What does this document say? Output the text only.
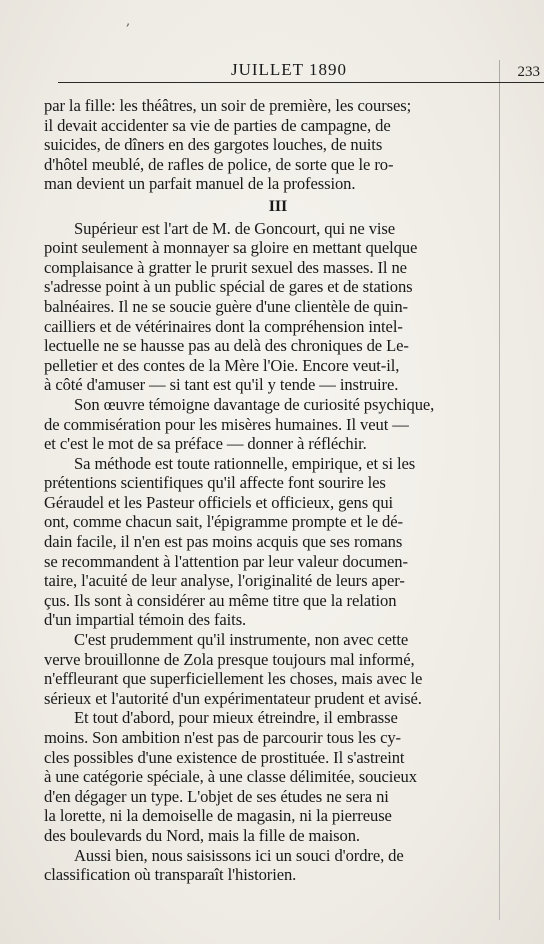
,
JUILLET 1890	233
par la fille: les théâtres, un soir de première, les courses;
il devait accidenter sa vie de parties de campagne, de
suicides, de dîners en des gargotes louches, de nuits
d'hôtel meublé, de rafles de police, de sorte que le ro-
man devient un parfait manuel de la profession.
III
Supérieur est l'art de M. de Goncourt, qui ne vise
point seulement à monnayer sa gloire en mettant quelque
complaisance à gratter le prurit sexuel des masses. Il ne
s'adresse point à un public spécial de gares et de stations
balnéaires. Il ne se soucie guère d'une clientèle de quin-
cailliers et de vétérinaires dont la compréhension intel-
lectuelle ne se hausse pas au delà des chroniques de Le-
pelletier et des contes de la Mère l'Oie. Encore veut-il,
à côté d'amuser — si tant est qu'il y tende — instruire.
Son œuvre témoigne davantage de curiosité psychique,
de commisération pour les misères humaines. Il veut —
et c'est le mot de sa préface — donner à réfléchir.
Sa méthode est toute rationnelle, empirique, et si les
prétentions scientifiques qu'il affecte font sourire les
Géraudel et les Pasteur officiels et officieux, gens qui
ont, comme chacun sait, l'épigramme prompte et le dé-
dain facile, il n'en est pas moins acquis que ses romans
se recommandent à l'attention par leur valeur documen-
taire, l'acuité de leur analyse, l'originalité de leurs aper-
çus. Ils sont à considérer au même titre que la relation
d'un impartial témoin des faits.
C'est prudemment qu'il instrumente, non avec cette
verve brouillonne de Zola presque toujours mal informé,
n'effleurant que superficiellement les choses, mais avec le
sérieux et l'autorité d'un expérimentateur prudent et avisé.
Et tout d'abord, pour mieux étreindre, il embrasse
moins. Son ambition n'est pas de parcourir tous les cy-
cles possibles d'une existence de prostituée. Il s'astreint
à une catégorie spéciale, à une classe délimitée, soucieux
d'en dégager un type. L'objet de ses études ne sera ni
la lorette, ni la demoiselle de magasin, ni la pierreuse
des boulevards du Nord, mais la fille de maison.
Aussi bien, nous saisissons ici un souci d'ordre, de
classification où transparaît l'historien.
